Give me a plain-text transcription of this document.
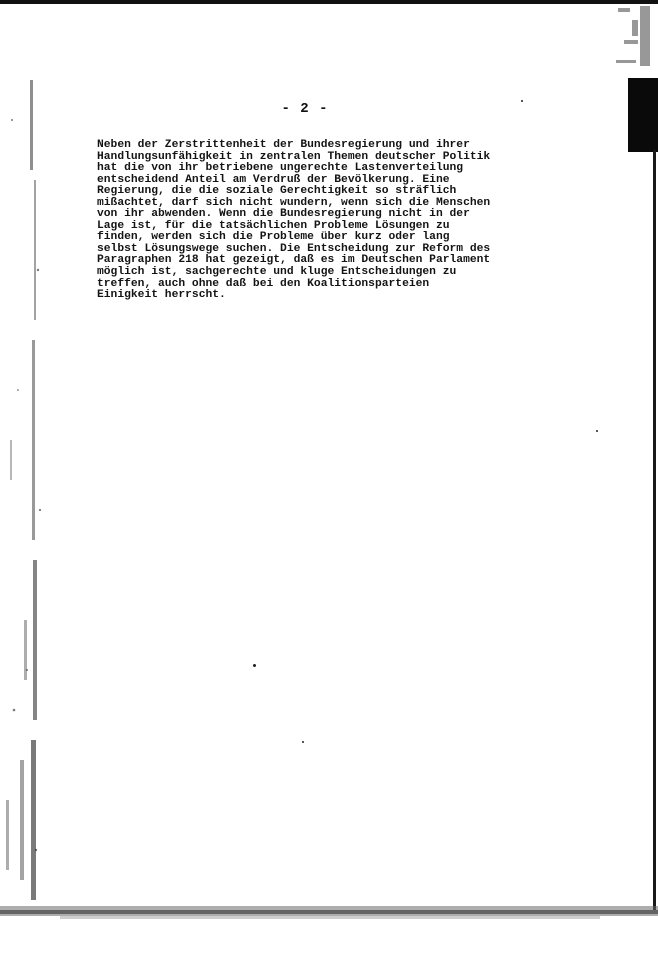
- 2 -

Neben der Zerstrittenheit der Bundesregierung und ihrer
Handlungsunfähigkeit in zentralen Themen deutscher Politik
hat die von ihr betriebene ungerechte Lastenverteilung
entscheidend Anteil am Verdruß der Bevölkerung. Eine
Regierung, die die soziale Gerechtigkeit so sträflich
mißachtet, darf sich nicht wundern, wenn sich die Menschen
von ihr abwenden. Wenn die Bundesregierung nicht in der
Lage ist, für die tatsächlichen Probleme Lösungen zu
finden, werden sich die Probleme über kurz oder lang
selbst Lösungswege suchen. Die Entscheidung zur Reform des
Paragraphen 218 hat gezeigt, daß es im Deutschen Parlament
möglich ist, sachgerechte und kluge Entscheidungen zu
treffen, auch ohne daß bei den Koalitionsparteien
Einigkeit herrscht.
